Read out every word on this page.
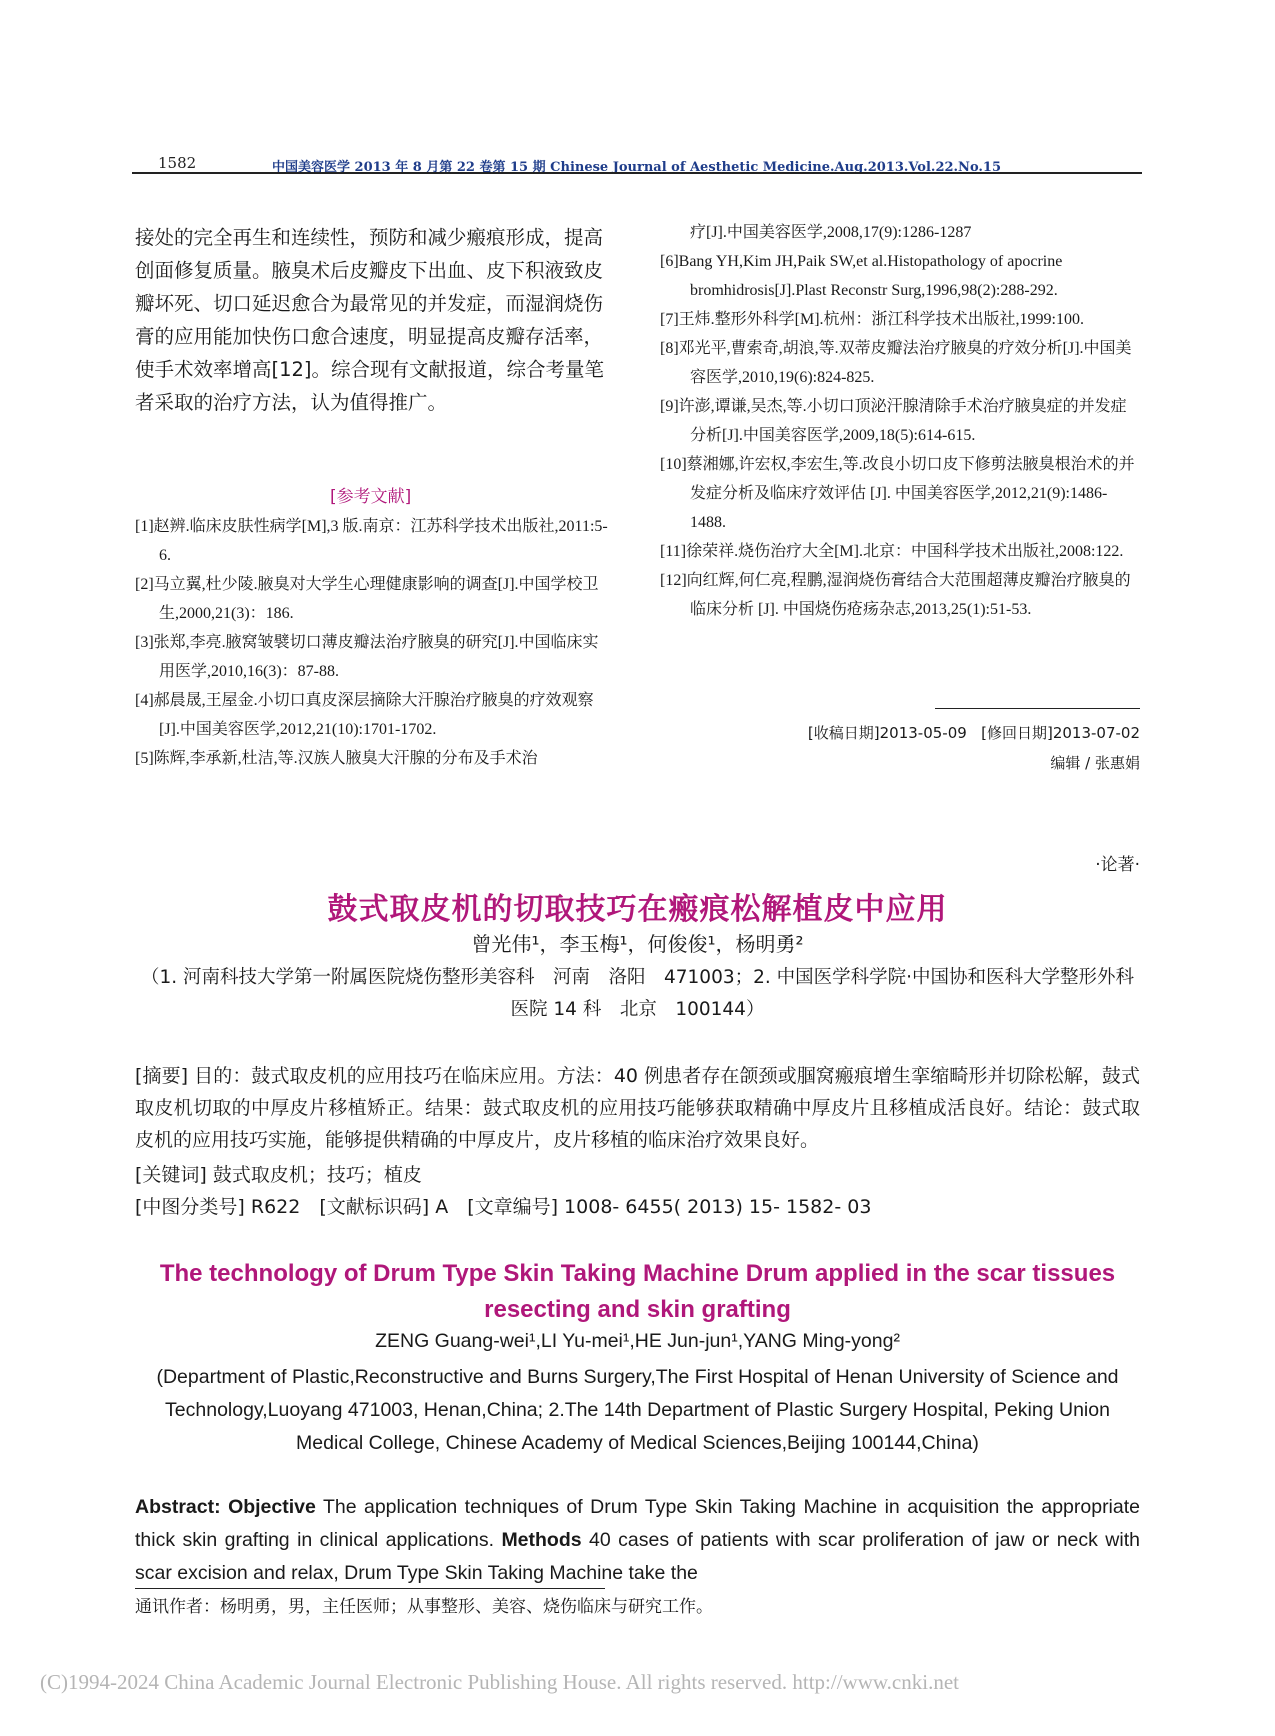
1582	中国美容医学 2013 年 8 月第 22 卷第 15 期 Chinese Journal of Aesthetic Medicine.Aug.2013.Vol.22.No.15
接处的完全再生和连续性，预防和减少瘢痕形成，提高创面修复质量。腋臭术后皮瓣皮下出血、皮下积液致皮瓣坏死、切口延迟愈合为最常见的并发症，而湿润烧伤膏的应用能加快伤口愈合速度，明显提高皮瓣存活率，使手术效率增高[12]。综合现有文献报道，综合考量笔者采取的治疗方法，认为值得推广。
[参考文献]
[1]赵辨.临床皮肤性病学[M],3 版.南京：江苏科学技术出版社,2011:5-6.
[2]马立翼,杜少陵.腋臭对大学生心理健康影响的调查[J].中国学校卫生,2000,21(3)：186.
[3]张郑,李亮.腋窝皱襞切口薄皮瓣法治疗腋臭的研究[J].中国临床实用医学,2010,16(3)：87-88.
[4]郝晨晟,王屋金.小切口真皮深层摘除大汗腺治疗腋臭的疗效观察[J].中国美容医学,2012,21(10):1701-1702.
[5]陈辉,李承新,杜洁,等.汉族人腋臭大汗腺的分布及手术治
疗[J].中国美容医学,2008,17(9):1286-1287
[6]Bang YH,Kim JH,Paik SW,et al.Histopathology of apocrine bromhidrosis[J].Plast Reconstr Surg,1996,98(2):288-292.
[7]王炜.整形外科学[M].杭州：浙江科学技术出版社,1999:100.
[8]邓光平,曹索奇,胡浪,等.双蒂皮瓣法治疗腋臭的疗效分析[J].中国美容医学,2010,19(6):824-825.
[9]许澎,谭谦,吴杰,等.小切口顶泌汗腺清除手术治疗腋臭症的并发症分析[J].中国美容医学,2009,18(5):614-615.
[10]蔡湘娜,许宏权,李宏生,等.改良小切口皮下修剪法腋臭根治术的并发症分析及临床疗效评估 [J]. 中国美容医学,2012,21(9):1486-1488.
[11]徐荣祥.烧伤治疗大全[M].北京：中国科学技术出版社,2008:122.
[12]向红辉,何仁亮,程鹏,湿润烧伤膏结合大范围超薄皮瓣治疗腋臭的临床分析 [J]. 中国烧伤疮疡杂志,2013,25(1):51-53.
[收稿日期]2013-05-09 [修回日期]2013-07-02
编辑 / 张惠娟
·论著·
鼓式取皮机的切取技巧在瘢痕松解植皮中应用
曾光伟¹，李玉梅¹，何俊俊¹，杨明勇²
（1. 河南科技大学第一附属医院烧伤整形美容科　河南　洛阳　471003；2. 中国医学科学院·中国协和医科大学整形外科医院 14 科　北京　100144）
[摘要] 目的：鼓式取皮机的应用技巧在临床应用。方法：40 例患者存在颌颈或腘窝瘢痕增生挛缩畸形并切除松解，鼓式取皮机切取的中厚皮片移植矫正。结果：鼓式取皮机的应用技巧能够获取精确中厚皮片且移植成活良好。结论：鼓式取皮机的应用技巧实施，能够提供精确的中厚皮片，皮片移植的临床治疗效果良好。
[关键词] 鼓式取皮机；技巧；植皮
[中图分类号] R622　[文献标识码] A　[文章编号] 1008- 6455( 2013) 15- 1582- 03
The technology of Drum Type Skin Taking Machine Drum applied in the scar tissues resecting and skin grafting
ZENG Guang-wei¹,LI Yu-mei¹,HE Jun-jun¹,YANG Ming-yong²
(Department of Plastic,Reconstructive and Burns Surgery,The First Hospital of Henan University of Science and Technology,Luoyang 471003, Henan,China; 2.The 14th Department of Plastic Surgery Hospital, Peking Union Medical College, Chinese Academy of Medical Sciences,Beijing 100144,China)
Abstract: Objective The application techniques of Drum Type Skin Taking Machine in acquisition the appropriate thick skin grafting in clinical applications. Methods 40 cases of patients with scar proliferation of jaw or neck with scar excision and relax, Drum Type Skin Taking Machine take the
通讯作者：杨明勇，男，主任医师；从事整形、美容、烧伤临床与研究工作。
(C)1994-2024 China Academic Journal Electronic Publishing House. All rights reserved. http://www.cnki.net
